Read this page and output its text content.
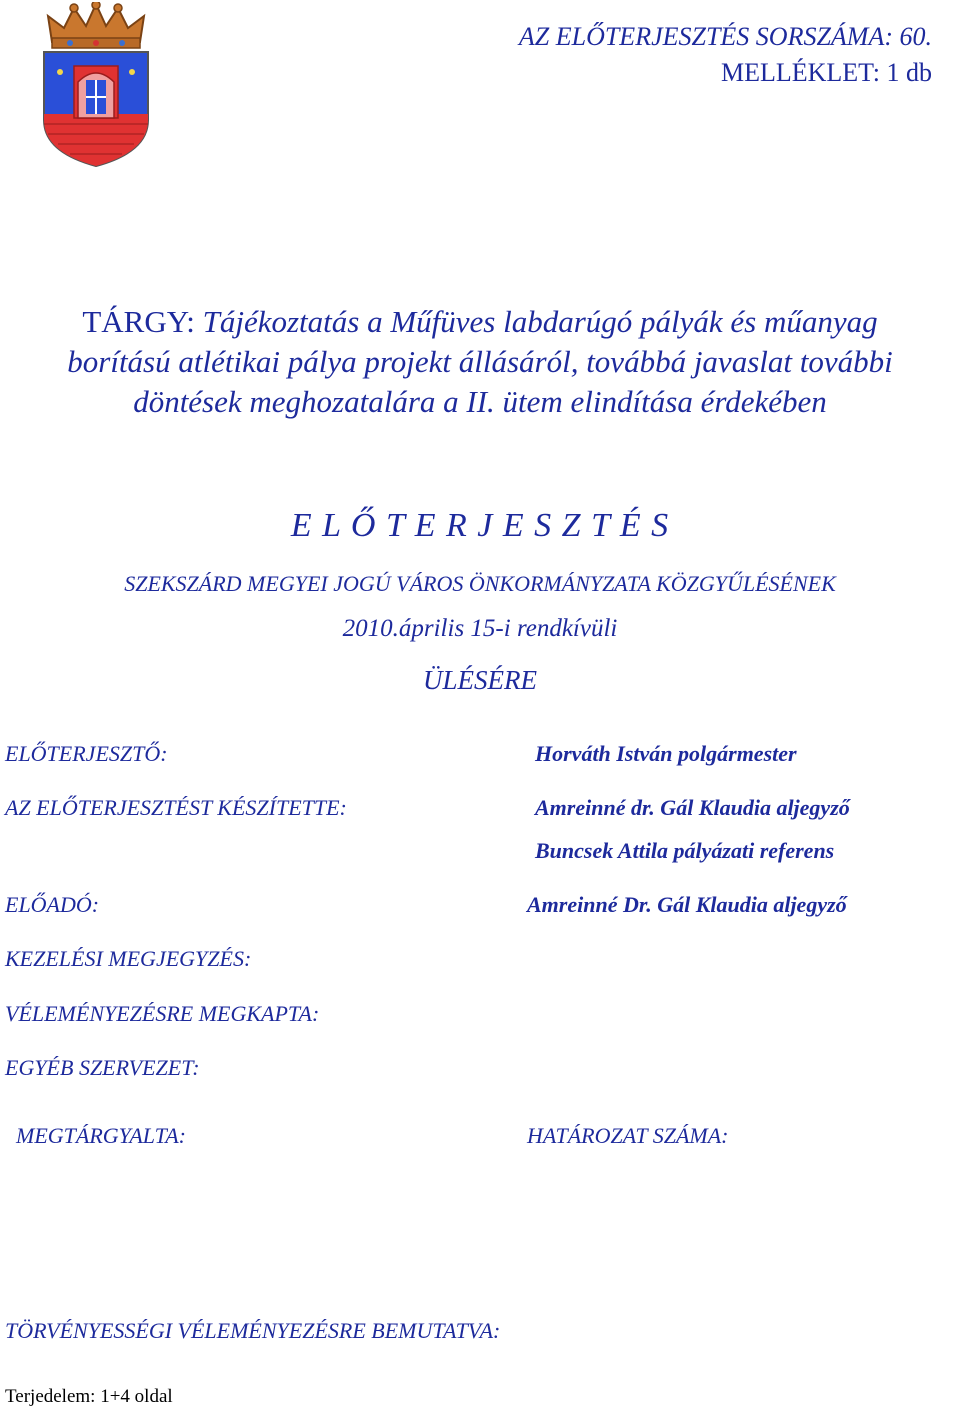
AZ ELŐTERJESZTÉS SORSZÁMA: 60.
MELLÉKLET: 1 db
TÁRGY: Tájékoztatás a Műfüves labdarúgó pályák és műanyag
borítású atlétikai pálya projekt állásáról, továbbá javaslat további
döntések meghozatalára a II. ütem elindítása érdekében
E L Ő T E R J E S Z T É S
SZEKSZÁRD MEGYEI JOGÚ VÁROS ÖNKORMÁNYZATA KÖZGYŰLÉSÉNEK
2010.április 15-i rendkívüli
ÜLÉSÉRE
ELŐTERJESZTŐ:	Horváth István polgármester
AZ ELŐTERJESZTÉST KÉSZÍTETTE:	Amreinné dr. Gál Klaudia aljegyző
Buncsek Attila pályázati referens
ELŐADÓ:	Amreinné Dr. Gál Klaudia aljegyző
KEZELÉSI MEGJEGYZÉS:
VÉLEMÉNYEZÉSRE MEGKAPTA:
EGYÉB SZERVEZET:
MEGTÁRGYALTA:	HATÁROZAT SZÁMA:
TÖRVÉNYESSÉGI VÉLEMÉNYEZÉSRE BEMUTATVA:
Terjedelem: 1+4 oldal
